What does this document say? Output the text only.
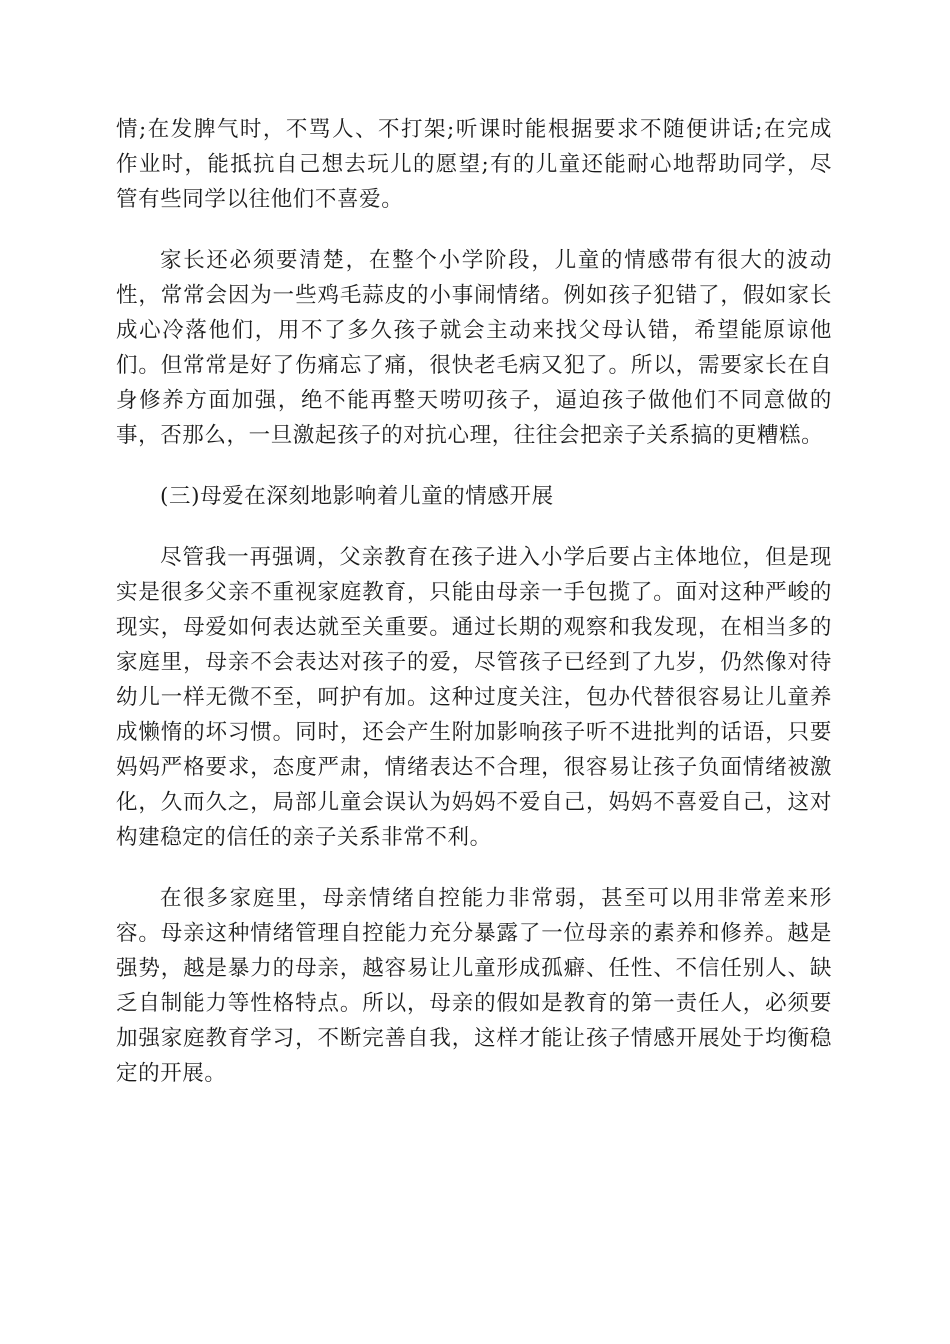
情;在发脾气时，不骂人、不打架;听课时能根据要求不随便讲话;在完成
作业时，能抵抗自己想去玩儿的愿望;有的儿童还能耐心地帮助同学，尽
管有些同学以往他们不喜爱。
家长还必须要清楚，在整个小学阶段，儿童的情感带有很大的波动
性，常常会因为一些鸡毛蒜皮的小事闹情绪。例如孩子犯错了，假如家长
成心冷落他们，用不了多久孩子就会主动来找父母认错，希望能原谅他
们。但常常是好了伤痛忘了痛，很快老毛病又犯了。所以，需要家长在自
身修养方面加强，绝不能再整天唠叨孩子，逼迫孩子做他们不同意做的
事，否那么，一旦激起孩子的对抗心理，往往会把亲子关系搞的更糟糕。
(三)母爱在深刻地影响着儿童的情感开展
尽管我一再强调，父亲教育在孩子进入小学后要占主体地位，但是现
实是很多父亲不重视家庭教育，只能由母亲一手包揽了。面对这种严峻的
现实，母爱如何表达就至关重要。通过长期的观察和我发现，在相当多的
家庭里，母亲不会表达对孩子的爱，尽管孩子已经到了九岁，仍然像对待
幼儿一样无微不至，呵护有加。这种过度关注，包办代替很容易让儿童养
成懒惰的坏习惯。同时，还会产生附加影响孩子听不进批判的话语，只要
妈妈严格要求，态度严肃，情绪表达不合理，很容易让孩子负面情绪被激
化，久而久之，局部儿童会误认为妈妈不爱自己，妈妈不喜爱自己，这对
构建稳定的信任的亲子关系非常不利。
在很多家庭里，母亲情绪自控能力非常弱，甚至可以用非常差来形
容。母亲这种情绪管理自控能力充分暴露了一位母亲的素养和修养。越是
强势，越是暴力的母亲，越容易让儿童形成孤癖、任性、不信任别人、缺
乏自制能力等性格特点。所以，母亲的假如是教育的第一责任人，必须要
加强家庭教育学习，不断完善自我，这样才能让孩子情感开展处于均衡稳
定的开展。
